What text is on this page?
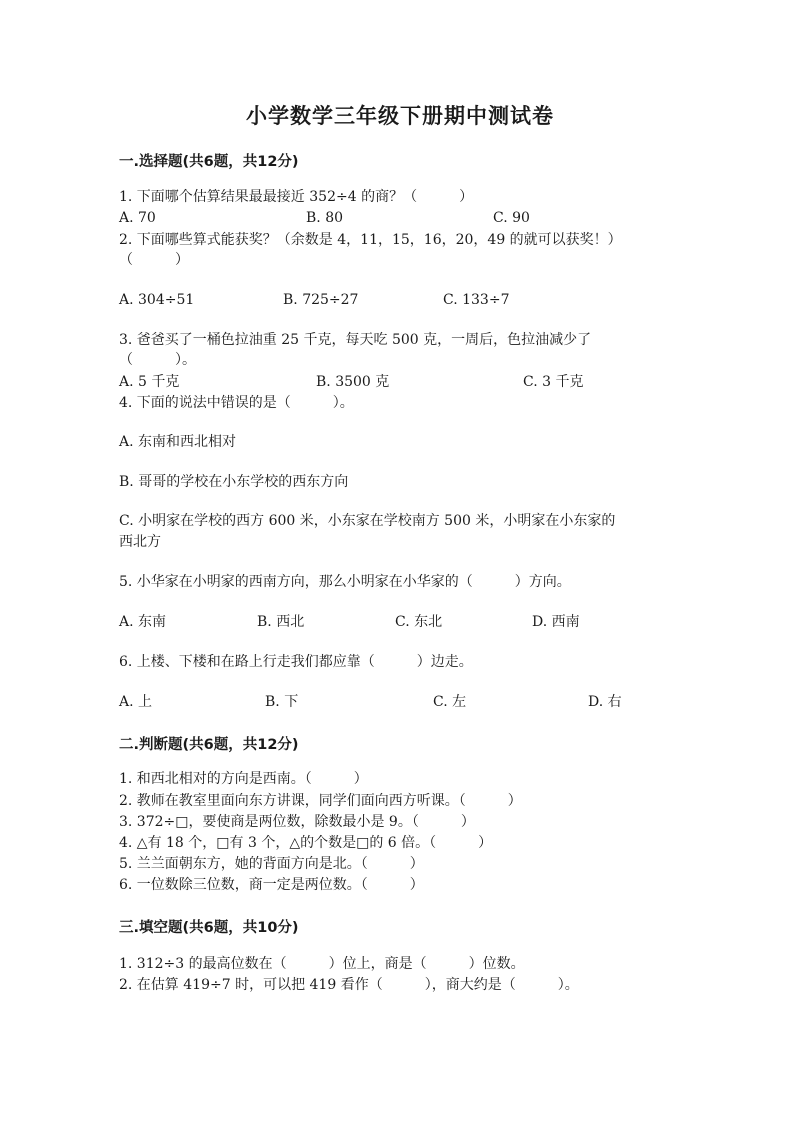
小学数学三年级下册期中测试卷
一.选择题(共6题，共12分)
1. 下面哪个估算结果最最接近 352÷4 的商？（　　　）
A. 70	B. 80	C. 90
2. 下面哪些算式能获奖？（余数是 4，11，15，16，20，49 的就可以获奖！）
（　　　）
A. 304÷51	B. 725÷27	C. 133÷7
3. 爸爸买了一桶色拉油重 25 千克，每天吃 500 克，一周后，色拉油减少了
（　　　）。
A. 5 千克	B. 3500 克	C. 3 千克
4. 下面的说法中错误的是（　　　）。
A. 东南和西北相对
B. 哥哥的学校在小东学校的西东方向
C. 小明家在学校的西方 600 米，小东家在学校南方 500 米，小明家在小东家的
西北方
5. 小华家在小明家的西南方向，那么小明家在小华家的（　　　）方向。
A. 东南	B. 西北	C. 东北	D. 西南
6. 上楼、下楼和在路上行走我们都应靠（　　　）边走。
A. 上	B. 下	C. 左	D. 右
二.判断题(共6题，共12分)
1. 和西北相对的方向是西南。（　　　）
2. 教师在教室里面向东方讲课，同学们面向西方听课。（　　　）
3. 372÷□，要使商是两位数，除数最小是 9。（　　　）
4. △有 18 个，□有 3 个，△的个数是□的 6 倍。（　　　）
5. 兰兰面朝东方，她的背面方向是北。（　　　）
6. 一位数除三位数，商一定是两位数。（　　　）
三.填空题(共6题，共10分)
1. 312÷3 的最高位数在（　　　）位上，商是（　　　）位数。
2. 在估算 419÷7 时，可以把 419 看作（　　　），商大约是（　　　）。
